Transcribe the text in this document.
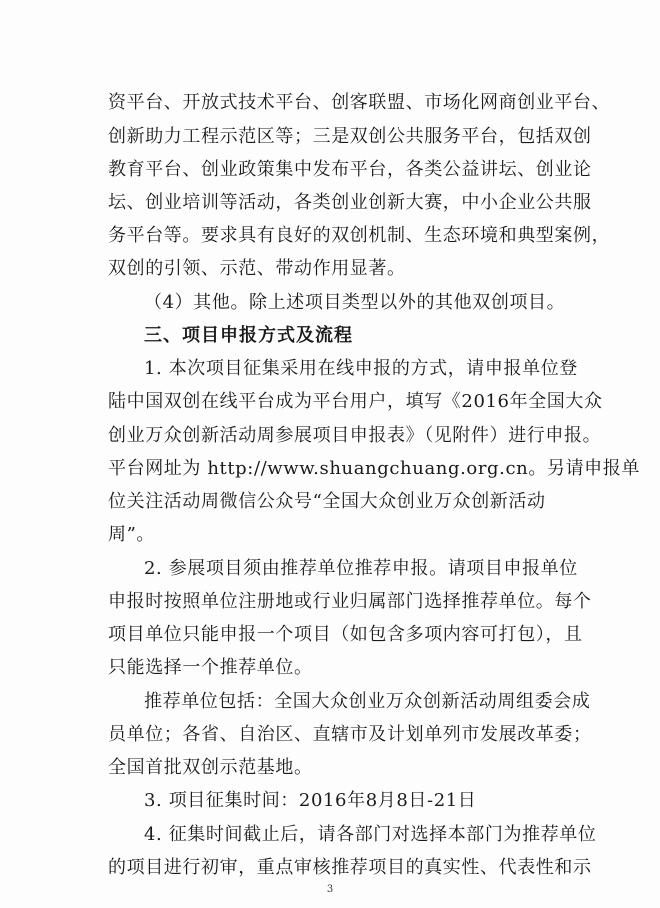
资平台、开放式技术平台、创客联盟、市场化网商创业平台、
创新助力工程示范区等；三是双创公共服务平台，包括双创
教育平台、创业政策集中发布平台，各类公益讲坛、创业论
坛、创业培训等活动，各类创业创新大赛，中小企业公共服
务平台等。要求具有良好的双创机制、生态环境和典型案例，
双创的引领、示范、带动作用显著。
（4）其他。除上述项目类型以外的其他双创项目。
三、项目申报方式及流程
1. 本次项目征集采用在线申报的方式，请申报单位登
陆中国双创在线平台成为平台用户，填写《2016年全国大众
创业万众创新活动周参展项目申报表》（见附件）进行申报。
平台网址为 http://www.shuangchuang.org.cn。另请申报单
位关注活动周微信公众号“全国大众创业万众创新活动
周”。
2. 参展项目须由推荐单位推荐申报。请项目申报单位
申报时按照单位注册地或行业归属部门选择推荐单位。每个
项目单位只能申报一个项目（如包含多项内容可打包），且
只能选择一个推荐单位。
推荐单位包括：全国大众创业万众创新活动周组委会成
员单位；各省、自治区、直辖市及计划单列市发展改革委；
全国首批双创示范基地。
3. 项目征集时间：2016年8月8日-21日
4. 征集时间截止后，请各部门对选择本部门为推荐单位
的项目进行初审，重点审核推荐项目的真实性、代表性和示
3
